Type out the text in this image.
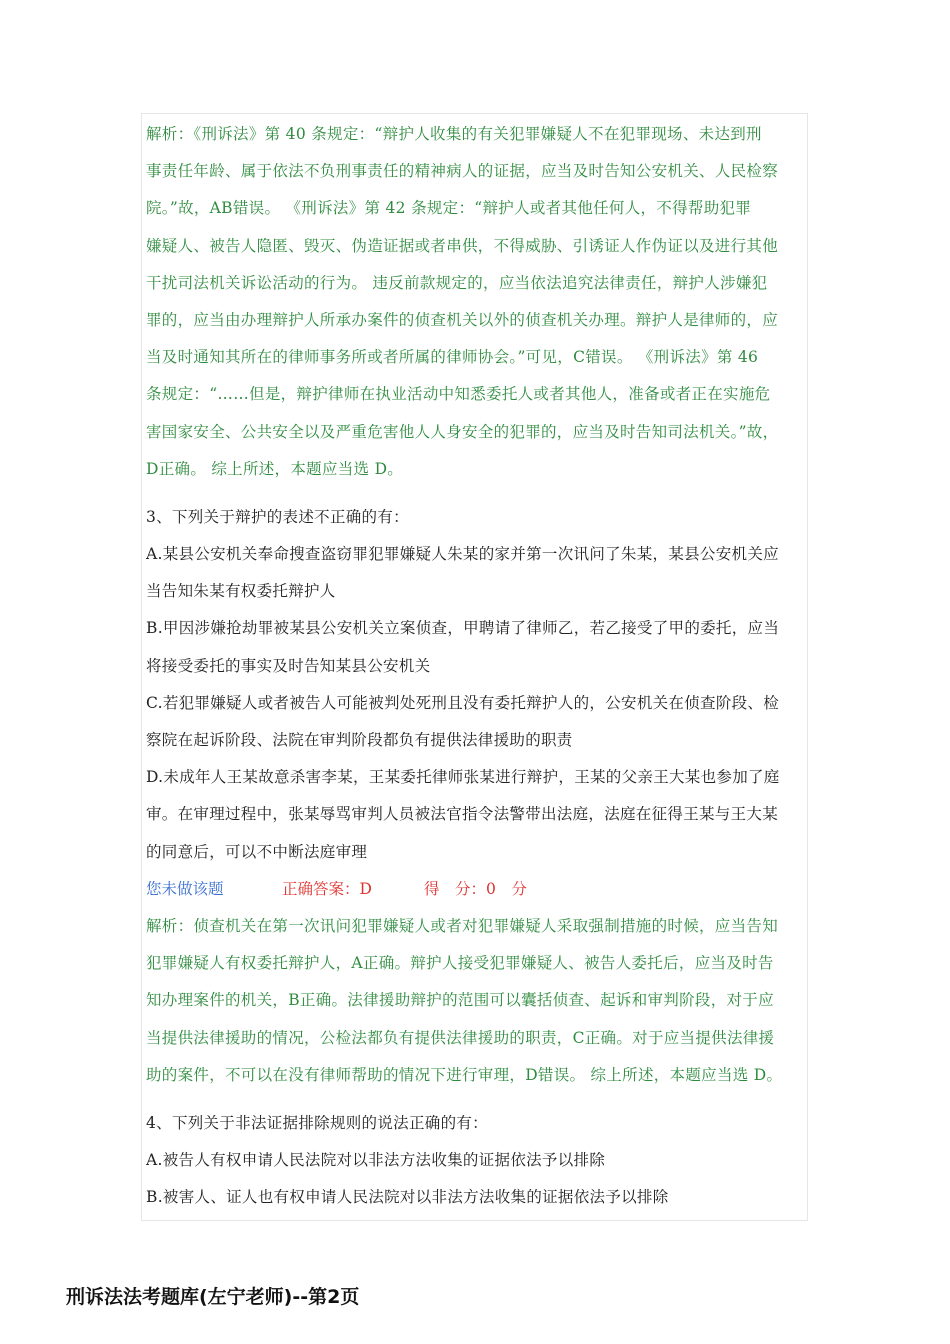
解析：《刑诉法》第 40 条规定：“辩护人收集的有关犯罪嫌疑人不在犯罪现场、未达到刑
事责任年龄、属于依法不负刑事责任的精神病人的证据，应当及时告知公安机关、人民检察
院。”故，AB错误。 《刑诉法》第 42 条规定：“辩护人或者其他任何人，不得帮助犯罪
嫌疑人、被告人隐匿、毁灭、伪造证据或者串供，不得威胁、引诱证人作伪证以及进行其他
干扰司法机关诉讼活动的行为。 违反前款规定的，应当依法追究法律责任，辩护人涉嫌犯
罪的，应当由办理辩护人所承办案件的侦查机关以外的侦查机关办理。辩护人是律师的，应
当及时通知其所在的律师事务所或者所属的律师协会。”可见，C错误。 《刑诉法》第 46
条规定：“……但是，辩护律师在执业活动中知悉委托人或者其他人，准备或者正在实施危
害国家安全、公共安全以及严重危害他人人身安全的犯罪的，应当及时告知司法机关。”故，
D正确。 综上所述，本题应当选 D。
3、下列关于辩护的表述不正确的有：
A.某县公安机关奉命搜查盗窃罪犯罪嫌疑人朱某的家并第一次讯问了朱某，某县公安机关应
当告知朱某有权委托辩护人
B.甲因涉嫌抢劫罪被某县公安机关立案侦查，甲聘请了律师乙，若乙接受了甲的委托，应当
将接受委托的事实及时告知某县公安机关
C.若犯罪嫌疑人或者被告人可能被判处死刑且没有委托辩护人的，公安机关在侦查阶段、检
察院在起诉阶段、法院在审判阶段都负有提供法律援助的职责
D.未成年人王某故意杀害李某，王某委托律师张某进行辩护，王某的父亲王大某也参加了庭
审。在审理过程中，张某辱骂审判人员被法官指令法警带出法庭，法庭在征得王某与王大某
的同意后，可以不中断法庭审理
您未做该题	正确答案：D	得　分：0　分
解析：侦查机关在第一次讯问犯罪嫌疑人或者对犯罪嫌疑人采取强制措施的时候，应当告知
犯罪嫌疑人有权委托辩护人，A正确。辩护人接受犯罪嫌疑人、被告人委托后，应当及时告
知办理案件的机关，B正确。法律援助辩护的范围可以囊括侦查、起诉和审判阶段，对于应
当提供法律援助的情况，公检法都负有提供法律援助的职责，C正确。对于应当提供法律援
助的案件，不可以在没有律师帮助的情况下进行审理，D错误。 综上所述，本题应当选 D。
4、下列关于非法证据排除规则的说法正确的有：
A.被告人有权申请人民法院对以非法方法收集的证据依法予以排除
B.被害人、证人也有权申请人民法院对以非法方法收集的证据依法予以排除
刑诉法法考题库(左宁老师)--第2页
